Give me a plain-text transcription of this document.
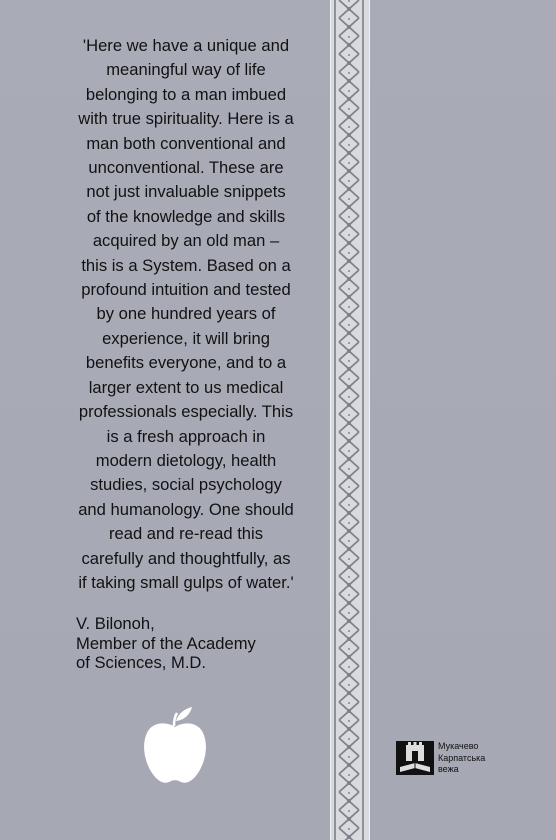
'Here we have a unique and
meaningful way of life
belonging to a man imbued
with true spirituality. Here is a
man both conventional and
unconventional. These are
not just invaluable snippets
of the knowledge and skills
acquired by an old man –
this is a System. Based on a
profound intuition and tested
by one hundred years of
experience, it will bring
benefits everyone, and to a
larger extent to us medical
professionals especially. This
is a fresh approach in
modern dietology, health
studies, social psychology
and humanology. One should
read and re-read this
carefully and thoughtfully, as
if taking small gulps of water.'

V. Bilonoh,
Member of the Academy
of Sciences, M.D.
Мукачево
Карпатська
вежа
